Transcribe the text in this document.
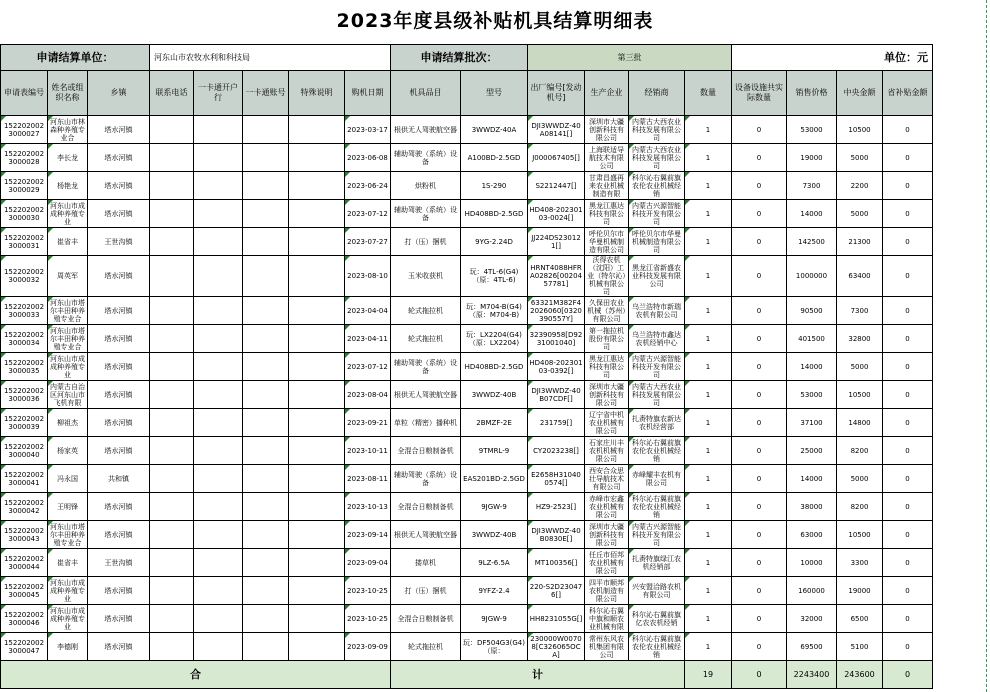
2023年度县级补贴机具结算明细表
申请结算单位：			河东山市农牧水利和科技局					申请结算批次：		第三批				单位：元			
申请表编号	姓名或组织名称	乡镇	联系电话	一卡通开户行	一卡通账号	特殊说明	购机日期	机具品目	型号	出厂编号[发动机号]	生产企业	经销商	数量	设备设施共实际数量	销售价格	中央金额	省补贴金额
1522020023000027	河东山市林森种养殖专业合	塔水河镇					2023-03-17	根供无人驾驶航空器	3WWDZ-40A	DJI3WWDZ-40A08141[]	深圳市大疆创新科技有限公司	内蒙古大西农业科技发展有限公司	1	0	53000	10500	0
1522020023000028	李长龙	塔水河镇					2023-06-08	辅助驾驶（系统）设备	A100BD-2.5GD	J000067405[]	上海联适导航技术有限公司	内蒙古大西农业科技发展有限公司	1	0	19000	5000	0
1522020023000029	杨艳龙	塔水河镇					2023-06-24	烘粉机	1S-290	S2212447[]	甘肃昌盛再来农业机械制造有限	科尔沁右翼前旗农伦农业机械经销	1	0	7300	2200	0
1522020023000030	河东山市成成种养殖专业	塔水河镇					2023-07-12	辅助驾驶（系统）设备	HD408BD-2.5GD	HD408-20230103-0024[]	黑龙江惠达科技有限公司	内蒙古兴源智能科技开发有限公司	1	0	14000	5000	0
1522020023000031	崔省丰	王世沟镇					2023-07-27	打（压）捆机	9YG-2.24D	JJ224DS230121[]	呼伦贝尔市华曼机械制造有限公司	呼伦贝尔市华曼机械制造有限公司	1	0	142500	21300	0
1522020023000032	周英军	塔水河镇					2023-08-10	玉米收获机	玩：4TL-6(G4)（原：4TL-6)	HRNT4088HFRA02826[0020457781]	沃得农机（沈阳）工业（特尔沁）机械有限公司	黑龙江省新盛农业科技发展有限公司	1	0	1000000	63400	0
1522020023000033	河东山市塔尔丰田种养殖专业合	塔水河镇					2023-04-04	轮式拖拉机	玩：M704-B(G4)（原：M704-B)	63321M382F42026060[0320390557Y]	久保田农业机械（苏州）有限公司	乌兰浩特市新瑞农机有限公司	1	0	90500	7300	0
1522020023000034	河东山市塔尔丰田种养殖专业合	塔水河镇					2023-04-11	轮式拖拉机	玩：LX2204(G4)（原：LX2204)	32390958[D9231001040]	第一拖拉机股份有限公司	乌兰浩特市鑫达农机经销中心	1	0	401500	32800	0
1522020023000035	河东山市成成种养殖专业	塔水河镇					2023-07-12	辅助驾驶（系统）设备	HD408BD-2.5GD	HD408-20230103-0392[]	黑龙江惠达科技有限公司	内蒙古兴源智能科技开发有限公司	1	0	14000	5000	0
1522020023000036	内蒙古自治区河东山市飞机有限	塔水河镇					2023-08-04	根供无人驾驶航空器	3WWDZ-40B	DJI3WWDZ-40B07CDF[]	深圳市大疆创新科技有限公司	内蒙古大西农业科技发展有限公司	1	0	53000	10500	0
1522020023000039	柳祖杰	塔水河镇					2023-09-21	单粒（精密）播种机	2BMZF-2E	231759[]	辽宁省中机农业机械有限公司	扎赉特旗农新达农机经营部	1	0	37100	14800	0
1522020023000040	杨家英	塔水河镇					2023-10-11	全混合日粮制备机	9TMRL-9	CY2023238[]	石家庄川丰农机机械有限公司	科尔沁右翼前旗农伦农业机械经销	1	0	25000	8200	0
1522020023000041	冯永国	共和镇					2023-08-11	辅助驾驶（系统）设备	EAS201BD-2.5GD	E2658H310400574[]	西安合众思壮导航技术有限公司	赤峰耀丰农机有限公司	1	0	14000	5000	0
1522020023000042	王明锋	塔水河镇					2023-10-13	全混合日粮制备机	9JGW-9	HZ9-2523[]	赤峰市宏鑫农业机械有限公司	科尔沁右翼前旗农伦农业机械经销	1	0	38000	8200	0
1522020023000043	河东山市塔尔丰田种养殖专业合	塔水河镇					2023-09-14	根供无人驾驶航空器	3WWDZ-40B	DJI3WWDZ-40B0830E[]	深圳市大疆创新科技有限公司	内蒙古兴源智能科技开发有限公司	1	0	63000	10500	0
1522020023000044	崔省丰	王世沟镇					2023-09-04	搂草机	9LZ-6.5A	MT100356[]	任丘市佰邦农业机械有限公司	扎赉特旗绿江农机经销部	1	0	10000	3300	0
1522020023000045	河东山市成成种养殖专业	塔水河镇					2023-10-25	打（压）捆机	9YFZ-2.4	220-S2D230476[]	四平市顺邦农机制造有限公司	兴安盟洽路农机有限公司	1	0	160000	19000	0
1522020023000046	河东山市成成种养殖专业	塔水河镇					2023-10-25	全混合日粮制备机	9JGW-9	HH8231055G[]	科尔沁右翼中旗和顺农业机械有限	科尔沁右翼前旗亿农农机经销	1	0	32000	6500	0
1522020023000047	李德刚	塔水河镇					2023-09-09	轮式拖拉机	玩：DF504G3(G4)（原：	230000W00708[C326065OCA]	常州东风农机集团有限公司	科尔沁右翼前旗农伦农业机械经销	1	0	69500	5100	0
合								计					19	0	2243400	243600	0
